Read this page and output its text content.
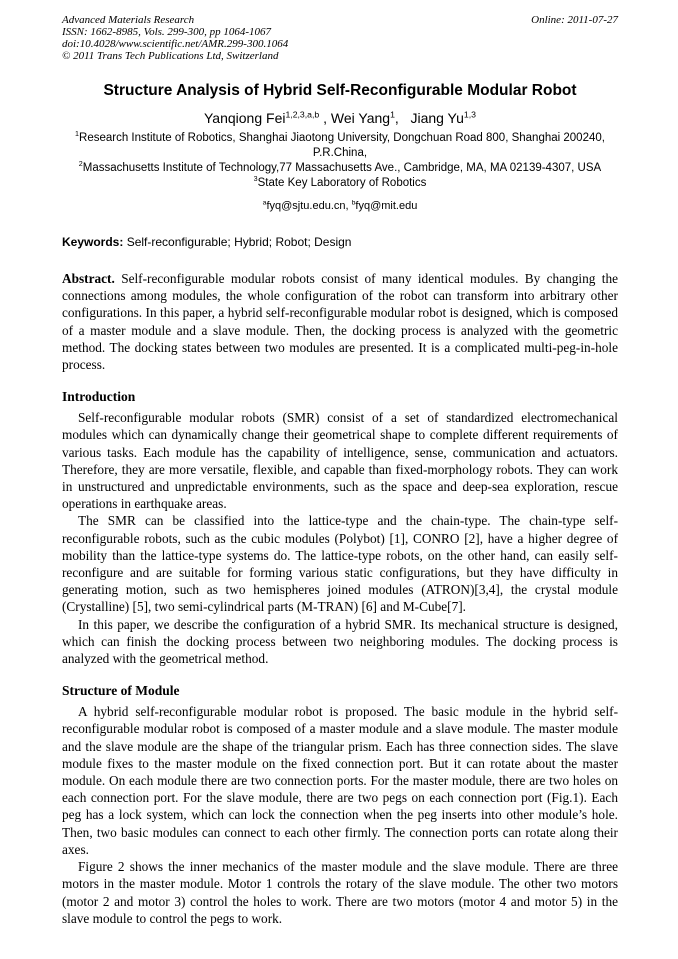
Advanced Materials Research
ISSN: 1662-8985, Vols. 299-300, pp 1064-1067
doi:10.4028/www.scientific.net/AMR.299-300.1064
© 2011 Trans Tech Publications Ltd, Switzerland
Online: 2011-07-27
Structure Analysis of Hybrid Self-Reconfigurable Modular Robot
Yanqiong Fei$^{1,2,3,a,b}$ , Wei Yang$^1$,   Jiang Yu$^{1,3}$
$^1$Research Institute of Robotics, Shanghai Jiaotong University, Dongchuan Road 800, Shanghai 200240, P.R.China,
$^2$Massachusetts Institute of Technology,77 Massachusetts Ave., Cambridge, MA, MA 02139-4307, USA
$^3$State Key Laboratory of Robotics
$^a$fyq@sjtu.edu.cn, $^b$fyq@mit.edu
Keywords: Self-reconfigurable; Hybrid; Robot; Design

Abstract. Self-reconfigurable modular robots consist of many identical modules. By changing the connections among modules, the whole configuration of the robot can transform into arbitrary other configurations. In this paper, a hybrid self-reconfigurable modular robot is designed, which is composed of a master module and a slave module. Then, the docking process is analyzed with the geometric method. The docking states between two modules are presented. It is a complicated multi-peg-in-hole process.

Introduction

Self-reconfigurable modular robots (SMR) consist of a set of standardized electromechanical modules which can dynamically change their geometrical shape to complete different requirements of various tasks. Each module has the capability of intelligence, sense, communication and actuators. Therefore, they are more versatile, flexible, and capable than fixed-morphology robots. They can work in unstructured and unpredictable environments, such as the space and deep-sea exploration, rescue operations in earthquake areas.

The SMR can be classified into the lattice-type and the chain-type. The chain-type self-reconfigurable robots, such as the cubic modules (Polybot) [1], CONRO [2], have a higher degree of mobility than the lattice-type systems do. The lattice-type robots, on the other hand, can easily self-reconfigure and are suitable for forming various static configurations, but they have difficulty in generating motion, such as two hemispheres joined modules (ATRON)[3,4], the crystal module (Crystalline) [5], two semi-cylindrical parts (M-TRAN) [6] and M-Cube[7].

In this paper, we describe the configuration of a hybrid SMR. Its mechanical structure is designed, which can finish the docking process between two neighboring modules. The docking process is analyzed with the geometrical method.

Structure of Module

A hybrid self-reconfigurable modular robot is proposed. The basic module in the hybrid self-reconfigurable modular robot is composed of a master module and a slave module. The master module and the slave module are the shape of the triangular prism. Each has three connection sides. The slave module fixes to the master module on the fixed connection port. But it can rotate about the master module. On each module there are two connection ports. For the master module, there are two holes on each connection port. For the slave module, there are two pegs on each connection port (Fig.1). Each peg has a lock system, which can lock the connection when the peg inserts into other module’s hole. Then, two basic modules can connect to each other firmly. The connection ports can rotate along their axes.

Figure 2 shows the inner mechanics of the master module and the slave module. There are three motors in the master module. Motor 1 controls the rotary of the slave module. The other two motors (motor 2 and motor 3) control the holes to work. There are two motors (motor 4 and motor 5) in the slave module to control the pegs to work.
